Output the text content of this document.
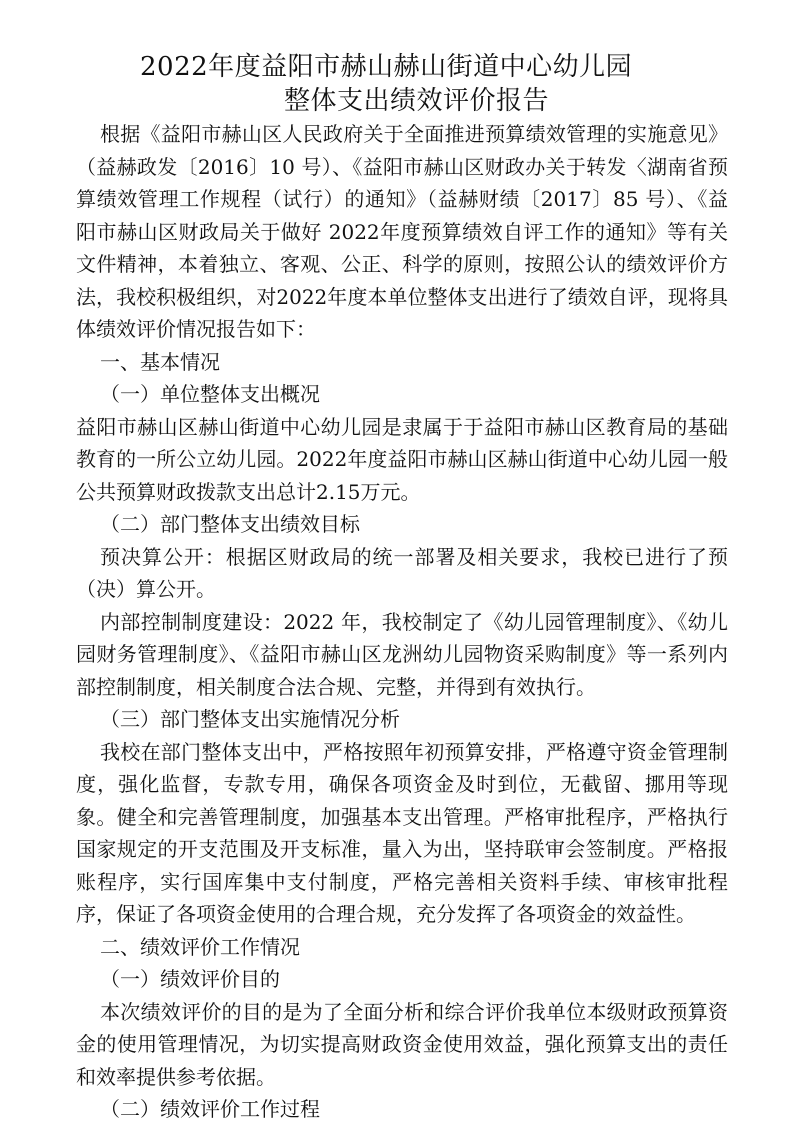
2022年度益阳市赫山赫山街道中心幼儿园
整体支出绩效评价报告

根据《益阳市赫山区人民政府关于全面推进预算绩效管理的实施意见》（益赫政发〔2016〕10 号）、《益阳市赫山区财政办关于转发〈湖南省预算绩效管理工作规程（试行）的通知》（益赫财绩〔2017〕85 号）、《益阳市赫山区财政局关于做好 2022年度预算绩效自评工作的通知》等有关文件精神，本着独立、客观、公正、科学的原则，按照公认的绩效评价方法，我校积极组织，对2022年度本单位整体支出进行了绩效自评，现将具体绩效评价情况报告如下：

一、基本情况

（一）单位整体支出概况

益阳市赫山区赫山街道中心幼儿园是隶属于于益阳市赫山区教育局的基础教育的一所公立幼儿园。2022年度益阳市赫山区赫山街道中心幼儿园一般公共预算财政拨款支出总计2.15万元。

（二）部门整体支出绩效目标

预决算公开：根据区财政局的统一部署及相关要求，我校已进行了预（决）算公开。

内部控制制度建设：2022 年，我校制定了《幼儿园管理制度》、《幼儿园财务管理制度》、《益阳市赫山区龙洲幼儿园物资采购制度》等一系列内部控制制度，相关制度合法合规、完整，并得到有效执行。

（三）部门整体支出实施情况分析

我校在部门整体支出中，严格按照年初预算安排，严格遵守资金管理制度，强化监督，专款专用，确保各项资金及时到位，无截留、挪用等现象。健全和完善管理制度，加强基本支出管理。严格审批程序，严格执行国家规定的开支范围及开支标准，量入为出，坚持联审会签制度。严格报账程序，实行国库集中支付制度，严格完善相关资料手续、审核审批程序，保证了各项资金使用的合理合规，充分发挥了各项资金的效益性。

二、绩效评价工作情况

（一）绩效评价目的

本次绩效评价的目的是为了全面分析和综合评价我单位本级财政预算资金的使用管理情况，为切实提高财政资金使用效益，强化预算支出的责任和效率提供参考依据。

（二）绩效评价工作过程
